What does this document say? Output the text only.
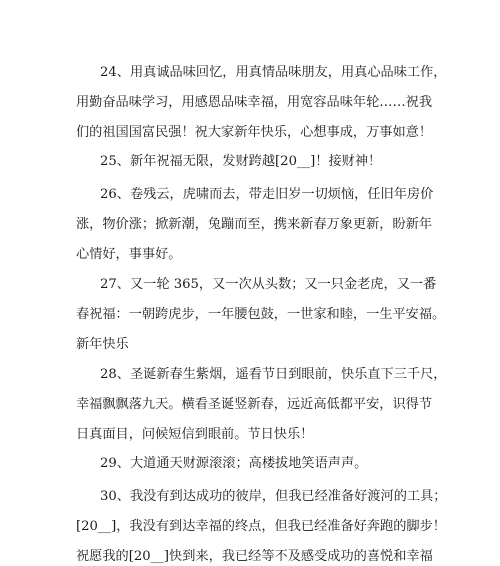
24、用真诚品味回忆，用真情品味朋友，用真心品味工作，
用勤奋品味学习，用感恩品味幸福，用宽容品味年轮……祝我
们的祖国国富民强！祝大家新年快乐，心想事成，万事如意！
25、新年祝福无限，发财跨越[20__]！接财神！
26、卷残云，虎啸而去，带走旧岁一切烦恼，任旧年房价
涨，物价涨；掀新潮，兔蹦而至，携来新春万象更新，盼新年
心情好，事事好。
27、又一轮 365，又一次从头数；又一只金老虎，又一番
春祝福：一朝跨虎步，一年腰包鼓，一世家和睦，一生平安福。
新年快乐
28、圣诞新春生紫烟，遥看节日到眼前，快乐直下三千尺，
幸福飘飘落九天。横看圣诞竖新春，远近高低都平安，识得节
日真面目，问候短信到眼前。节日快乐！
29、大道通天财源滚滚；高楼拔地笑语声声。
30、我没有到达成功的彼岸，但我已经准备好渡河的工具；
[20__]，我没有到达幸福的终点，但我已经准备好奔跑的脚步！
祝愿我的[20__]快到来，我已经等不及感受成功的喜悦和幸福
